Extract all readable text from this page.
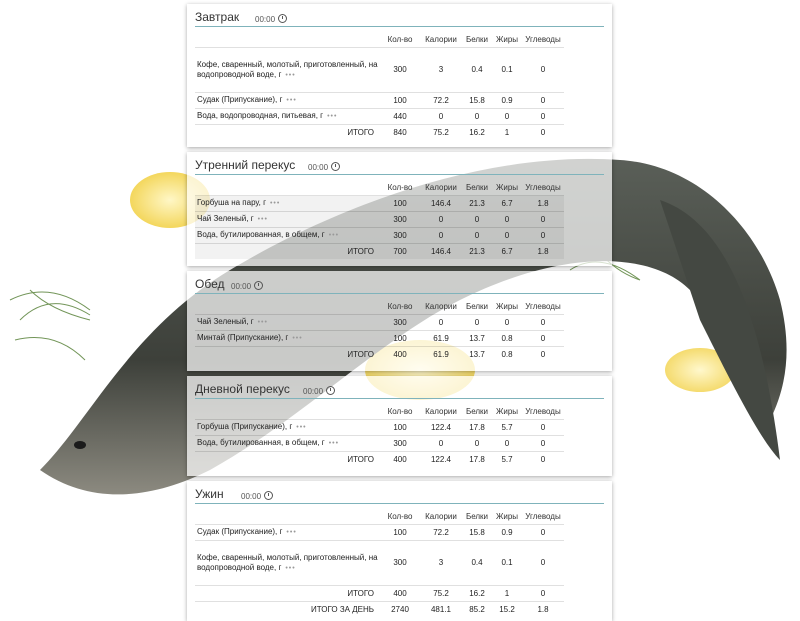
Завтрак 00:00
	Кол-во	Калории	Белки	Жиры	Углеводы
Кофе, сваренный, молотый, приготовленный, на водопроводной воде, г •••	300	3	0.4	0.1	0
Судак (Припускание), г •••	100	72.2	15.8	0.9	0
Вода, водопроводная, питьевая, г •••	440	0	0	0	0
ИТОГО	840	75.2	16.2	1	0
Утренний перекус 00:00
	Кол-во	Калории	Белки	Жиры	Углеводы
Горбуша на пару, г •••	100	146.4	21.3	6.7	1.8
Чай Зеленый, г •••	300	0	0	0	0
Вода, бутилированная, в общем, г •••	300	0	0	0	0
ИТОГО	700	146.4	21.3	6.7	1.8
Обед 00:00
	Кол-во	Калории	Белки	Жиры	Углеводы
Чай Зеленый, г •••	300	0	0	0	0
Минтай (Припускание), г •••	100	61.9	13.7	0.8	0
ИТОГО	400	61.9	13.7	0.8	0
Дневной перекус 00:00
	Кол-во	Калории	Белки	Жиры	Углеводы
Горбуша (Припускание), г •••	100	122.4	17.8	5.7	0
Вода, бутилированная, в общем, г •••	300	0	0	0	0
ИТОГО	400	122.4	17.8	5.7	0
Ужин 00:00
	Кол-во	Калории	Белки	Жиры	Углеводы
Судак (Припускание), г •••	100	72.2	15.8	0.9	0
Кофе, сваренный, молотый, приготовленный, на водопроводной воде, г •••	300	3	0.4	0.1	0
ИТОГО	400	75.2	16.2	1	0
ИТОГО ЗА ДЕНЬ	2740	481.1	85.2	15.2	1.8
